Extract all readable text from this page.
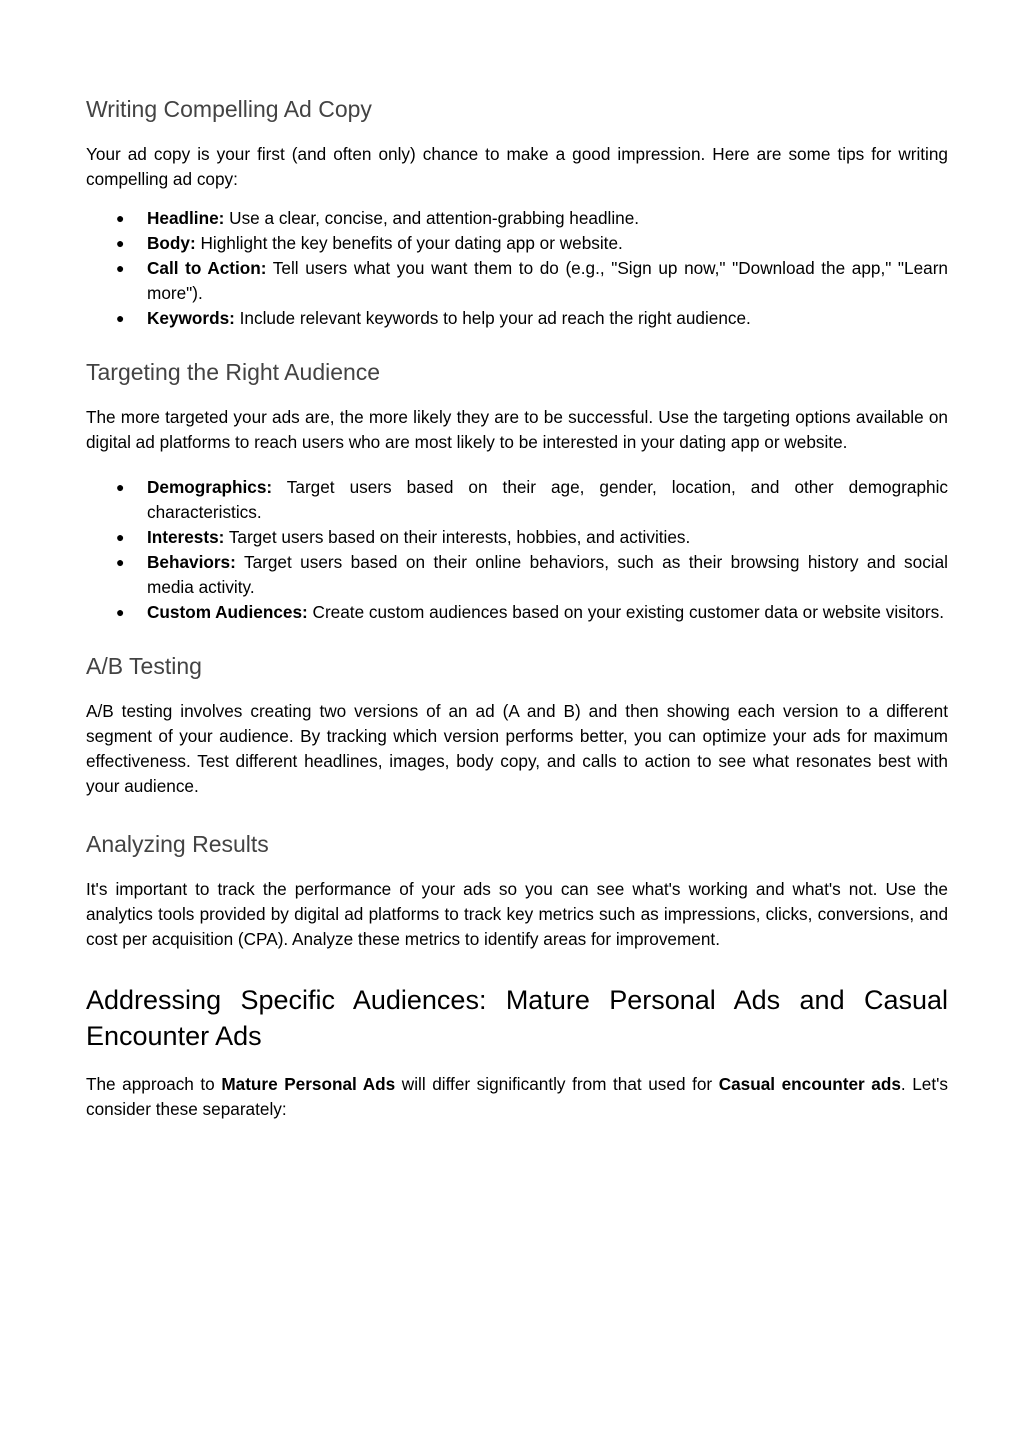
Writing Compelling Ad Copy

Your ad copy is your first (and often only) chance to make a good impression. Here are some tips for writing compelling ad copy:

● Headline: Use a clear, concise, and attention-grabbing headline.
● Body: Highlight the key benefits of your dating app or website.
● Call to Action: Tell users what you want them to do (e.g., "Sign up now," "Download the app," "Learn more").
● Keywords: Include relevant keywords to help your ad reach the right audience.
Targeting the Right Audience

The more targeted your ads are, the more likely they are to be successful. Use the targeting options available on digital ad platforms to reach users who are most likely to be interested in your dating app or website.

● Demographics: Target users based on their age, gender, location, and other demographic characteristics.
● Interests: Target users based on their interests, hobbies, and activities.
● Behaviors: Target users based on their online behaviors, such as their browsing history and social media activity.
● Custom Audiences: Create custom audiences based on your existing customer data or website visitors.
A/B Testing

A/B testing involves creating two versions of an ad (A and B) and then showing each version to a different segment of your audience. By tracking which version performs better, you can optimize your ads for maximum effectiveness. Test different headlines, images, body copy, and calls to action to see what resonates best with your audience.

Analyzing Results

It's important to track the performance of your ads so you can see what's working and what's not. Use the analytics tools provided by digital ad platforms to track key metrics such as impressions, clicks, conversions, and cost per acquisition (CPA). Analyze these metrics to identify areas for improvement.

Addressing Specific Audiences: Mature Personal Ads and Casual Encounter Ads

The approach to Mature Personal Ads will differ significantly from that used for Casual encounter ads. Let's consider these separately:
